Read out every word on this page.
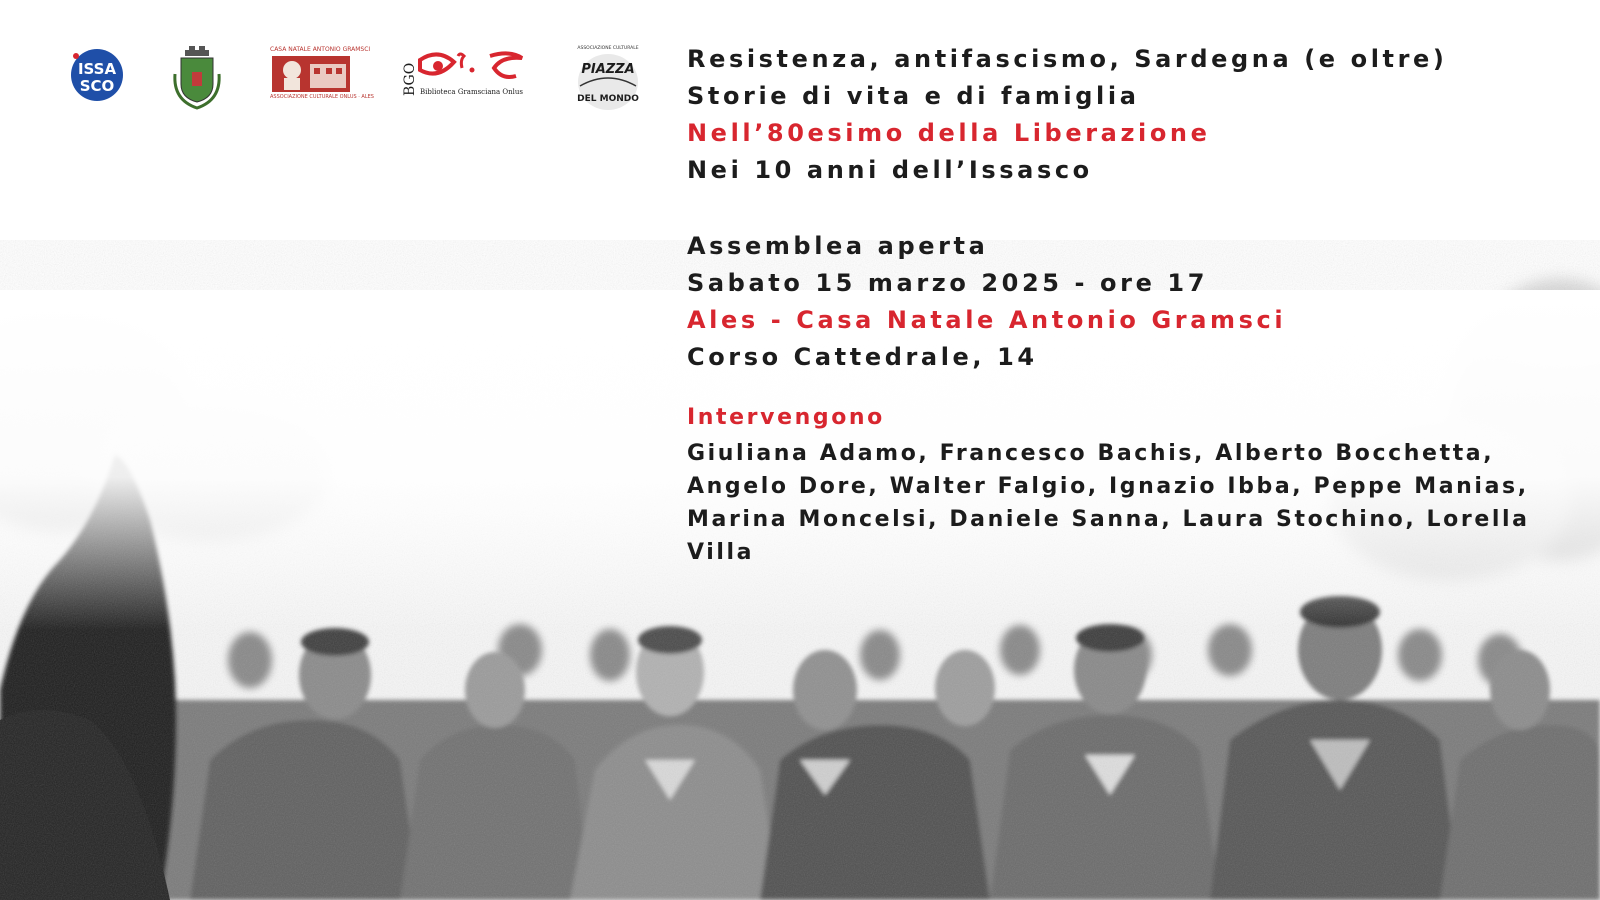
ISSA
SCO
CASA NATALE ANTONIO GRAMSCI
ASSOCIAZIONE CULTURALE ONLUS · ALES
BGO Biblioteca Gramsciana Onlus
ASSOCIAZIONE CULTURALE
PIAZZA
DEL MONDO

Resistenza, antifascismo, Sardegna (e oltre)

Storie di vita e di famiglia

Nell’80esimo della Liberazione

Nei 10 anni dell’Issasco

Assemblea aperta

Sabato 15 marzo 2025 - ore 17

Ales - Casa Natale Antonio Gramsci

Corso Cattedrale, 14

Intervengono

Giuliana Adamo, Francesco Bachis, Alberto Bocchetta, Angelo Dore, Walter Falgio, Ignazio Ibba, Peppe Manias, Marina Moncelsi, Daniele Sanna, Laura Stochino, Lorella Villa
